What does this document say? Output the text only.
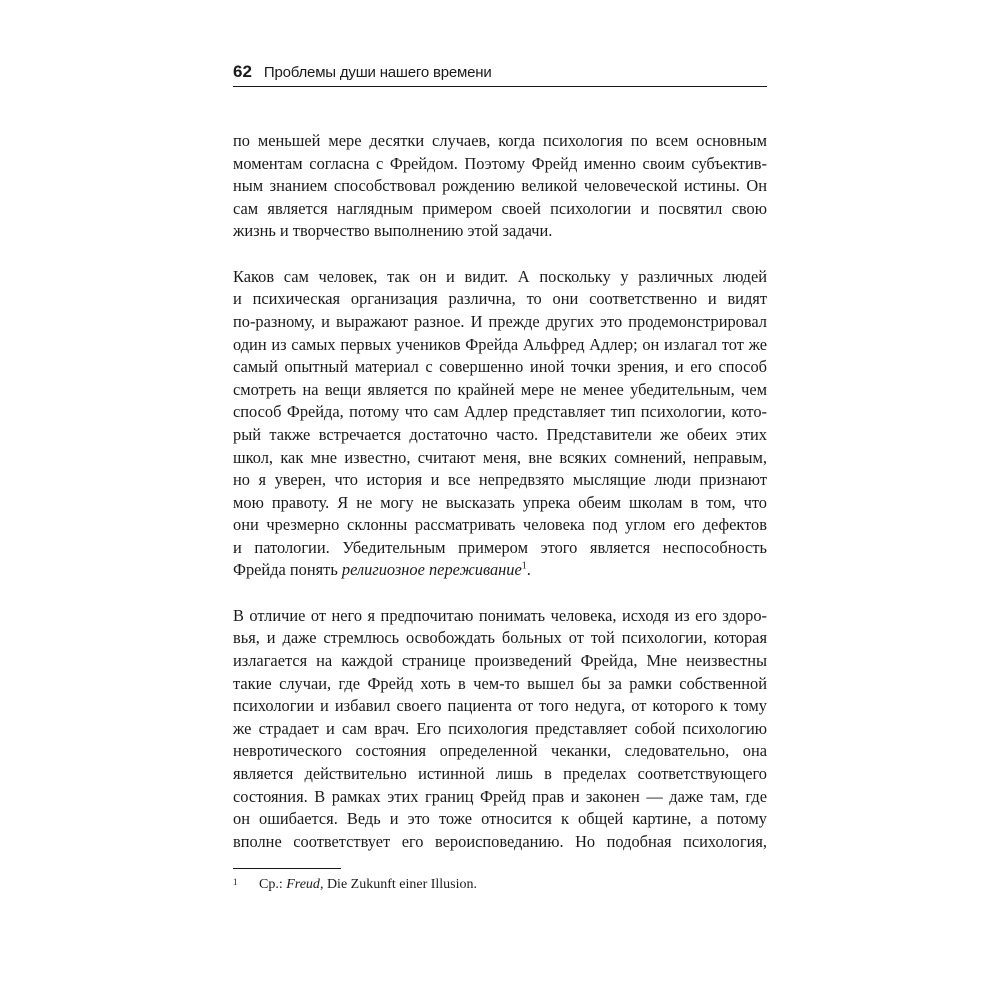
62 Проблемы души нашего времени

по меньшей мере десятки случаев, когда психология по всем основным
моментам согласна с Фрейдом. Поэтому Фрейд именно своим субъектив-
ным знанием способствовал рождению великой человеческой истины. Он
сам является наглядным примером своей психологии и посвятил свою
жизнь и творчество выполнению этой задачи.

Каков сам человек, так он и видит. А поскольку у различных людей
и психическая организация различна, то они соответственно и видят
по-разному, и выражают разное. И прежде других это продемонстрировал
один из самых первых учеников Фрейда Альфред Адлер; он излагал тот же
самый опытный материал с совершенно иной точки зрения, и его способ
смотреть на вещи является по крайней мере не менее убедительным, чем
способ Фрейда, потому что сам Адлер представляет тип психологии, кото-
рый также встречается достаточно часто. Представители же обеих этих
школ, как мне известно, считают меня, вне всяких сомнений, неправым,
но я уверен, что история и все непредвзято мыслящие люди признают
мою правоту. Я не могу не высказать упрека обеим школам в том, что
они чрезмерно склонны рассматривать человека под углом его дефектов
и патологии. Убедительным примером этого является неспособность
Фрейда понять религиозное переживание$^1$.

В отличие от него я предпочитаю понимать человека, исходя из его здоро-
вья, и даже стремлюсь освобождать больных от той психологии, которая
излагается на каждой странице произведений Фрейда, Мне неизвестны
такие случаи, где Фрейд хоть в чем-то вышел бы за рамки собственной
психологии и избавил своего пациента от того недуга, от которого к тому
же страдает и сам врач. Его психология представляет собой психологию
невротического состояния определенной чеканки, следовательно, она
является действительно истинной лишь в пределах соответствующего
состояния. В рамках этих границ Фрейд прав и законен — даже там, где
он ошибается. Ведь и это тоже относится к общей картине, а потому
вполне соответствует его вероисповеданию. Но подобная психология,

1	Ср.: Freud, Die Zukunft einer Illusion.
